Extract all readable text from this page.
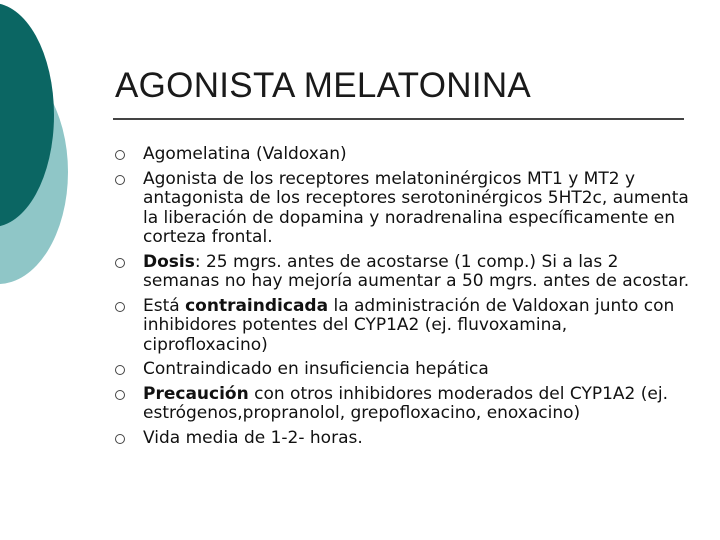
AGONISTA MELATONINA
Agomelatina (Valdoxan)
Agonista de los receptores melatoninérgicos MT1 y MT2 y antagonista de los receptores serotoninérgicos 5HT2c, aumenta la liberación de dopamina y noradrenalina específicamente en corteza frontal.
Dosis: 25 mgrs. antes de acostarse (1 comp.) Si a las 2 semanas no hay mejoría aumentar a 50 mgrs. antes de acostar.
Está contraindicada la administración de Valdoxan junto con inhibidores potentes del CYP1A2 (ej. fluvoxamina, ciprofloxacino)
Contraindicado en insuficiencia hepática
Precaución con otros inhibidores moderados del CYP1A2 (ej. estrógenos,propranolol, grepofloxacino, enoxacino)
Vida media de 1-2- horas.
